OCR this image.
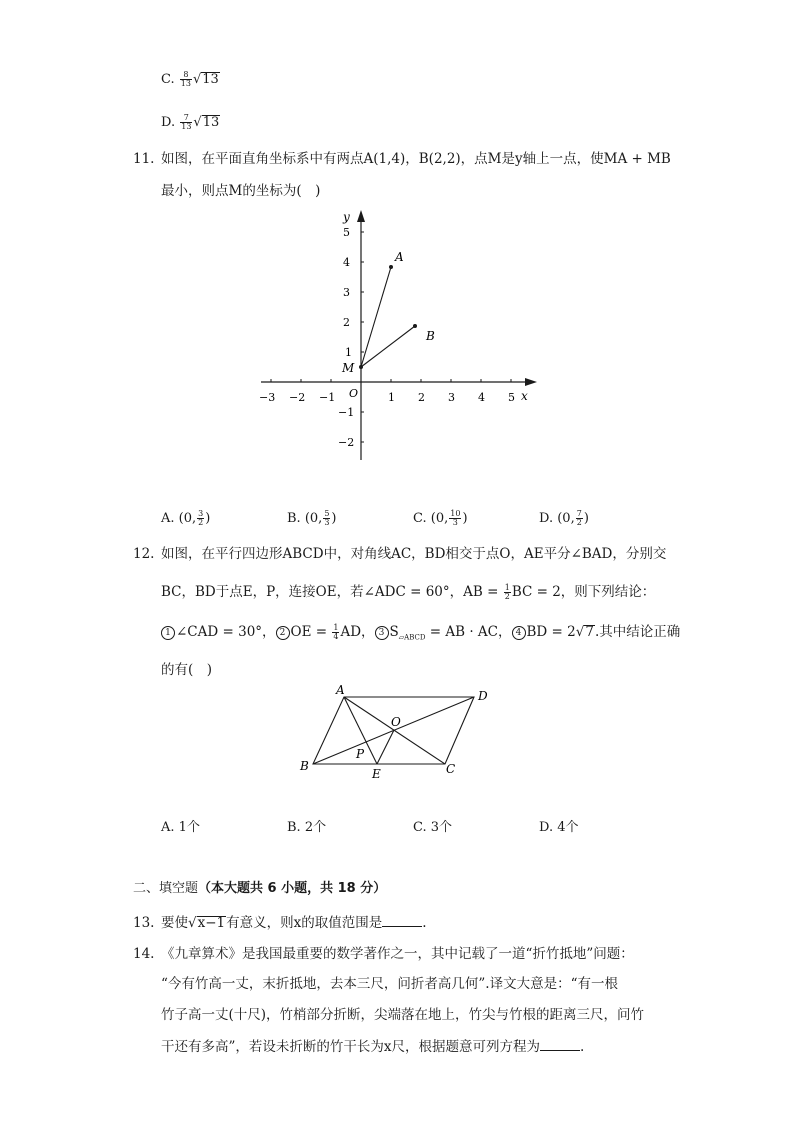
C. $\frac{8}{13} √13$
D. $\frac{7}{13} √13$
11. 如图，在平面直角坐标系中有两点A(1,4)，B(2,2)，点M是y轴上一点，使MA + MB
最小，则点M的坐标为(　)
y
x
O
−3 −2 −1	1 2 3 4 5
5
4
3
2
1
−1
−2
A
B
M
A. (0, $\frac{3}{2}$ )	B. (0, $\frac{5}{3}$ )	C. (0, $\frac{10}{3}$ )	D. (0, $\frac{7}{2}$ )
12. 如图，在平行四边形ABCD中，对角线AC，BD相交于点O，AE平分∠BAD，分别交
BC，BD于点E，P，连接OE，若∠ADC = 60°，AB = $\frac{1}{2}$ BC = 2，则下列结论：
1 ∠CAD = 30°， 2 OE = $\frac{1}{4}$ AD， 3 $S_{▱ABCD}$ = AB · AC， 4 BD = 2√7.其中结论正确
的有(　)
A	D
B	C
O
P
E
A. 1个	B. 2个	C. 3个	D. 4个
二、填空题（本大题共 6 小题，共 18 分）
13. 要使√x−1有意义，则x的取值范围是	.
14. 《九章算术》是我国最重要的数学著作之一，其中记载了一道“折竹抵地”问题：
“今有竹高一丈，末折抵地，去本三尺，问折者高几何”.译文大意是：“有一根
竹子高一丈(十尺)，竹梢部分折断，尖端落在地上，竹尖与竹根的距离三尺，问竹
干还有多高”，若设未折断的竹干长为x尺，根据题意可列方程为	.
